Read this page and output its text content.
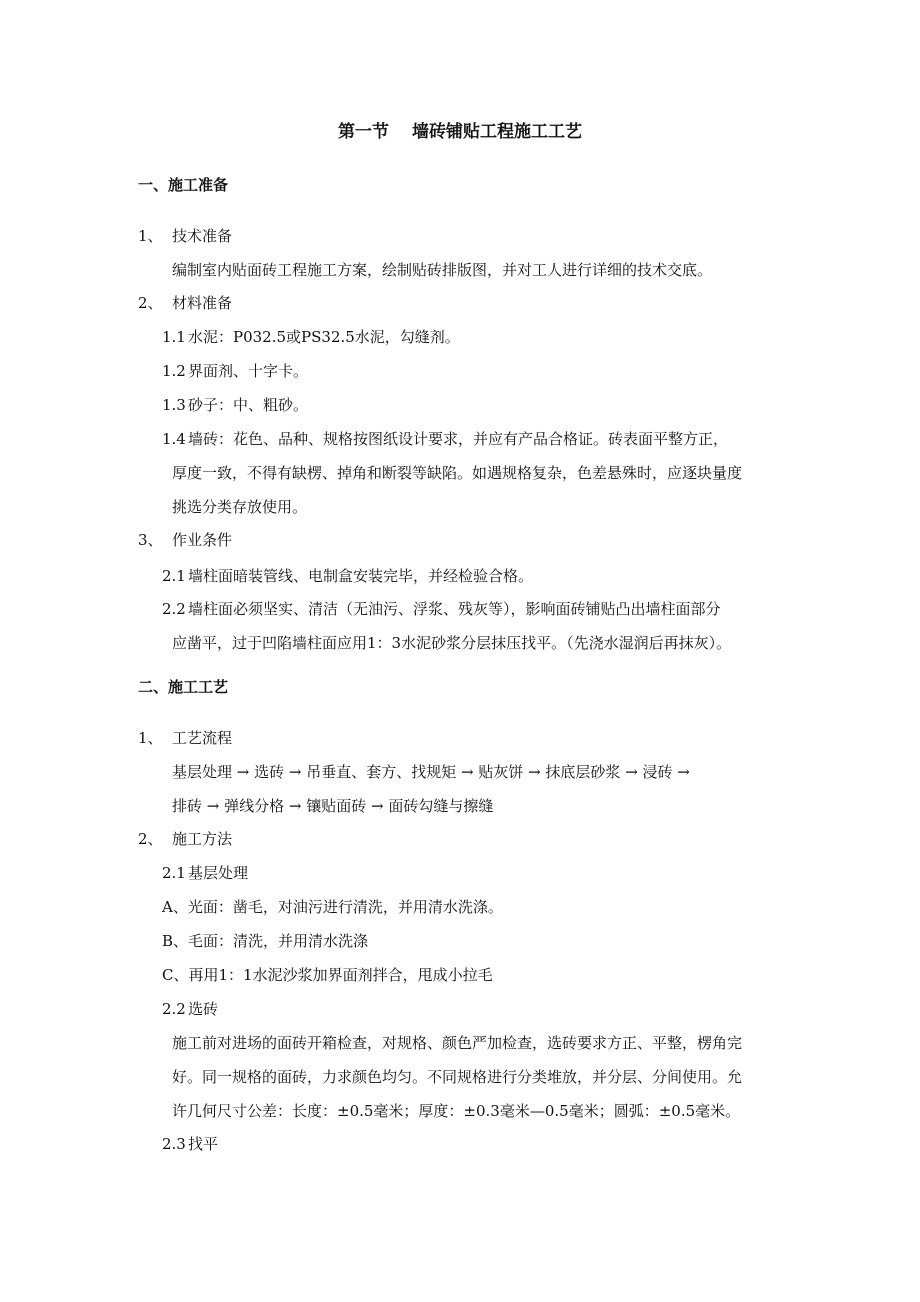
第一节　 墙砖铺贴工程施工工艺
一、施工准备
1、 技术准备
编制室内贴面砖工程施工方案，绘制贴砖排版图，并对工人进行详细的技术交底。
2、 材料准备
1.1 水泥：P032.5或PS32.5水泥，勾缝剂。
1.2 界面剂、十字卡。
1.3 砂子：中、粗砂。
1.4 墙砖：花色、品种、规格按图纸设计要求，并应有产品合格证。砖表面平整方正，
厚度一致，不得有缺楞、掉角和断裂等缺陷。如遇规格复杂，色差悬殊时，应逐块量度
挑选分类存放使用。
3、 作业条件
2.1 墙柱面暗装管线、电制盒安装完毕，并经检验合格。
2.2 墙柱面必须坚实、清洁（无油污、浮浆、残灰等），影响面砖铺贴凸出墙柱面部分
应凿平，过于凹陷墙柱面应用1：3水泥砂浆分层抹压找平。（先浇水湿润后再抹灰）。
二、施工工艺
1、 工艺流程
基层处理 → 选砖 → 吊垂直、套方、找规矩 → 贴灰饼 → 抹底层砂浆 → 浸砖 →
排砖 → 弹线分格 → 镶贴面砖 → 面砖勾缝与擦缝
2、 施工方法
2.1 基层处理
A、光面：凿毛，对油污进行清洗，并用清水洗涤。
B、毛面：清洗，并用清水洗涤
C、再用1：1水泥沙浆加界面剂拌合，甩成小拉毛
2.2 选砖
施工前对进场的面砖开箱检查，对规格、颜色严加检查，选砖要求方正、平整，楞角完
好。同一规格的面砖，力求颜色均匀。不同规格进行分类堆放，并分层、分间使用。允
许几何尺寸公差：长度：±0.5毫米；厚度：±0.3毫米—0.5毫米；圆弧：±0.5毫米。
2.3 找平
